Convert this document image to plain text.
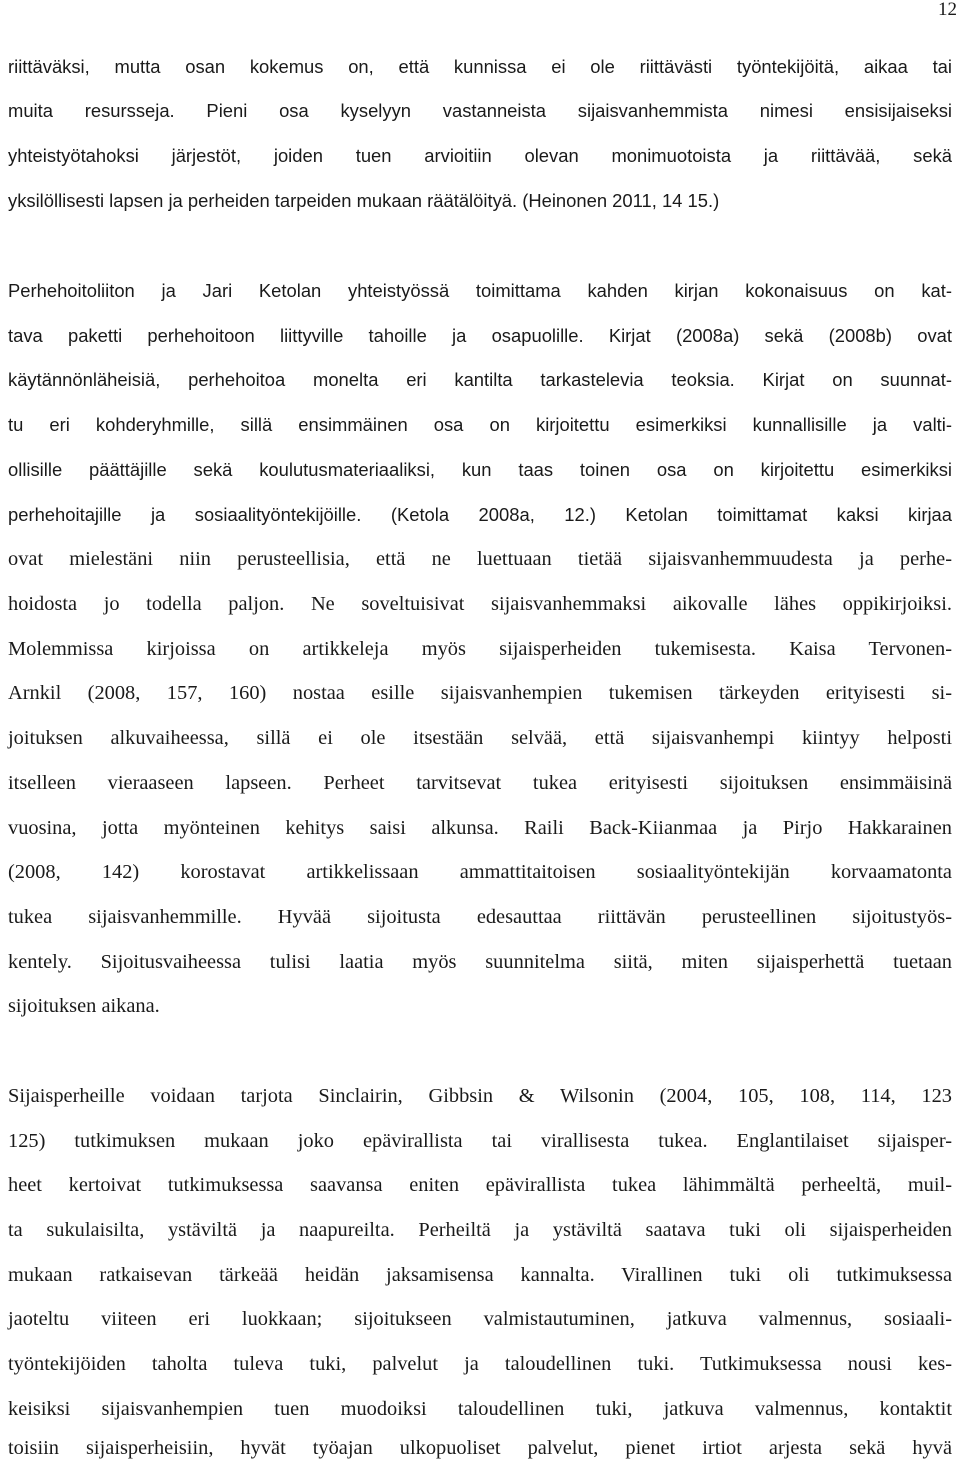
12
riittäväksi, mutta osan kokemus on, että kunnissa ei ole riittävästi työntekijöitä, aikaa tai
muita resursseja. Pieni osa kyselyyn vastanneista sijaisvanhemmista nimesi ensisijaiseksi
yhteistyötahoksi järjestöt, joiden tuen arvioitiin olevan monimuotoista ja riittävää, sekä
yksilöllisesti lapsen ja perheiden tarpeiden mukaan räätälöityä. (Heinonen 2011, 14 15.)
Perhehoitoliiton ja Jari Ketolan yhteistyössä toimittama kahden kirjan kokonaisuus on kat-
tava paketti perhehoitoon liittyville tahoille ja osapuolille. Kirjat (2008a) sekä (2008b) ovat
käytännönläheisiä, perhehoitoa monelta eri kantilta tarkastelevia teoksia. Kirjat on suunnat-
tu eri kohderyhmille, sillä ensimmäinen osa on kirjoitettu esimerkiksi kunnallisille ja valti-
ollisille päättäjille sekä koulutusmateriaaliksi, kun taas toinen osa on kirjoitettu esimerkiksi
perhehoitajille ja sosiaalityöntekijöille. (Ketola 2008a, 12.) Ketolan toimittamat kaksi kirjaa
ovat mielestäni niin perusteellisia, että ne luettuaan tietää sijaisvanhemmuudesta ja perhe-
hoidosta jo todella paljon. Ne soveltuisivat sijaisvanhemmaksi aikovalle lähes oppikirjoiksi.
Molemmissa kirjoissa on artikkeleja myös sijaisperheiden tukemisesta. Kaisa Tervonen-
Arnkil (2008, 157, 160) nostaa esille sijaisvanhempien tukemisen tärkeyden erityisesti si-
joituksen alkuvaiheessa, sillä ei ole itsestään selvää, että sijaisvanhempi kiintyy helposti
itselleen vieraaseen lapseen. Perheet tarvitsevat tukea erityisesti sijoituksen ensimmäisinä
vuosina, jotta myönteinen kehitys saisi alkunsa. Raili Back-Kiianmaa ja Pirjo Hakkarainen
(2008, 142) korostavat artikkelissaan ammattitaitoisen sosiaalityöntekijän korvaamatonta
tukea sijaisvanhemmille. Hyvää sijoitusta edesauttaa riittävän perusteellinen sijoitustyös-
kentely. Sijoitusvaiheessa tulisi laatia myös suunnitelma siitä, miten sijaisperhettä tuetaan
sijoituksen aikana.
Sijaisperheille voidaan tarjota Sinclairin, Gibbsin & Wilsonin (2004, 105, 108, 114, 123
125) tutkimuksen mukaan joko epävirallista tai virallisesta tukea. Englantilaiset sijaisper-
heet kertoivat tutkimuksessa saavansa eniten epävirallista tukea lähimmältä perheeltä, muil-
ta sukulaisilta, ystäviltä ja naapureilta. Perheiltä ja ystäviltä saatava tuki oli sijaisperheiden
mukaan ratkaisevan tärkeää heidän jaksamisensa kannalta. Virallinen tuki oli tutkimuksessa
jaoteltu viiteen eri luokkaan; sijoitukseen valmistautuminen, jatkuva valmennus, sosiaali-
työntekijöiden taholta tuleva tuki, palvelut ja taloudellinen tuki. Tutkimuksessa nousi kes-
keisiksi sijaisvanhempien tuen muodoiksi taloudellinen tuki, jatkuva valmennus, kontaktit
toisiin sijaisperheisiin, hyvät työajan ulkopuoliset palvelut, pienet irtiot arjesta sekä hyvä
